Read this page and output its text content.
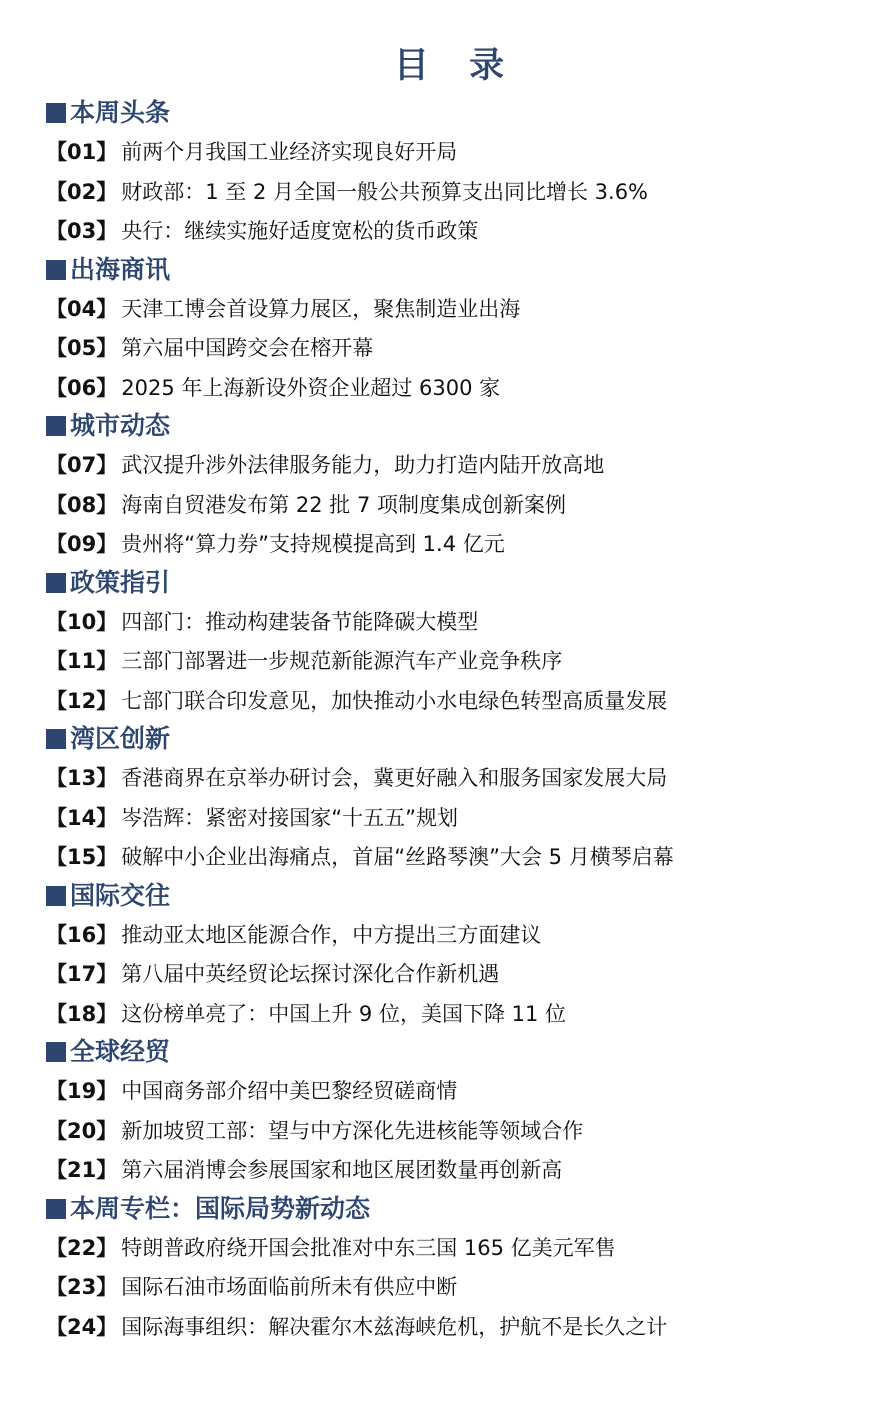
目 录
本周头条
【01】 前两个月我国工业经济实现良好开局
【02】 财政部：1 至 2 月全国一般公共预算支出同比增长 3.6%
【03】 央行：继续实施好适度宽松的货币政策
出海商讯
【04】 天津工博会首设算力展区，聚焦制造业出海
【05】 第六届中国跨交会在榕开幕
【06】 2025 年上海新设外资企业超过 6300 家
城市动态
【07】 武汉提升涉外法律服务能力，助力打造内陆开放高地
【08】 海南自贸港发布第 22 批 7 项制度集成创新案例
【09】 贵州将“算力券”支持规模提高到 1.4 亿元
政策指引
【10】 四部门：推动构建装备节能降碳大模型
【11】 三部门部署进一步规范新能源汽车产业竞争秩序
【12】 七部门联合印发意见，加快推动小水电绿色转型高质量发展
湾区创新
【13】 香港商界在京举办研讨会，冀更好融入和服务国家发展大局
【14】 岑浩辉：紧密对接国家“十五五”规划
【15】 破解中小企业出海痛点，首届“丝路琴澳”大会 5 月横琴启幕
国际交往
【16】 推动亚太地区能源合作，中方提出三方面建议
【17】 第八届中英经贸论坛探讨深化合作新机遇
【18】 这份榜单亮了：中国上升 9 位，美国下降 11 位
全球经贸
【19】 中国商务部介绍中美巴黎经贸磋商情
【20】 新加坡贸工部：望与中方深化先进核能等领域合作
【21】 第六届消博会参展国家和地区展团数量再创新高
本周专栏：国际局势新动态
【22】 特朗普政府绕开国会批准对中东三国 165 亿美元军售
【23】 国际石油市场面临前所未有供应中断
【24】 国际海事组织：解决霍尔木兹海峡危机，护航不是长久之计
